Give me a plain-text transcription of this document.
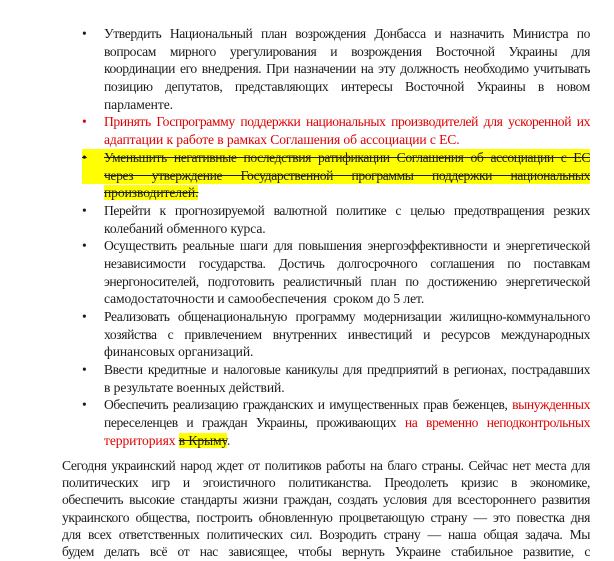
• Утвердить Национальный план возрождения Донбасса и назначить Министра по
вопросам мирного урегулирования и возрождения Восточной Украины для
координации его внедрения. При назначении на эту должность необходимо учитывать
позицию депутатов, представляющих интересы Восточной Украины в новом
парламенте.
• Принять Госпрограмму поддержки национальных производителей для ускоренной их
адаптации к работе в рамках Соглашения об ассоциации с ЕС.
•	Уменьшить негативные последствия ратификации Соглашения об ассоциации с ЕС
через утверждение Государственной программы поддержки национальных
производителей.
• Перейти к прогнозируемой валютной политике с целью предотвращения резких
колебаний обменного курса.
• Осуществить реальные шаги для повышения энергоэффективности и энергетической
независимости государства. Достичь долгосрочного соглашения по поставкам
энергоносителей, подготовить реалистичный план по достижению энергетической
самодостаточности и самообеспечения  сроком до 5 лет.
• Реализовать общенациональную программу модернизации жилищно-коммунального
хозяйства с привлечением внутренних инвестиций и ресурсов международных
финансовых организаций.
• Ввести кредитные и налоговые каникулы для предприятий в регионах, пострадавших
в результате военных действий.
• Обеспечить реализацию гражданских и имущественных прав беженцев, вынужденных
переселенцев и граждан Украины, проживающих на временно неподконтрольных
территориях в Крыму.
Сегодня украинский народ ждет от политиков работы на благо страны. Сейчас нет места для
политических игр и эгоистичного политиканства. Преодолеть кризис в экономике,
обеспечить высокие стандарты жизни граждан, создать условия для всестороннего развития
украинского общества, построить обновленную процветающую страну — это повестка дня
для всех ответственных политических сил. Возродить страну — наша общая задача. Мы
будем делать всё от нас зависящее, чтобы вернуть Украине стабильное развитие, с
